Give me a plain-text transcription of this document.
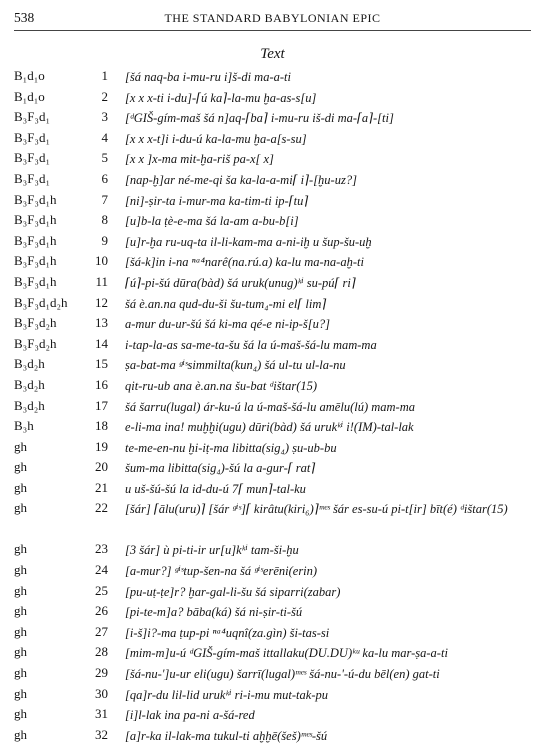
538	THE STANDARD BABYLONIAN EPIC
Text
B₁d₁o	1 [šá naq-ba i-mu-ru i]š-di ma-a-ti
B₁d₁o	2 [x x x-ti i-du]-⌈ú ka⌉-la-mu ḫa-as-s[u]
B₃F₃d₁	3 [ᵈGIŠ-gím-maš šá n]aq-⌈ba⌉ i-mu-ru iš-di ma-⌈a⌉-[ti]
B₃F₃d₁	4 [x x x-t]i i-du-ú ka-la-mu ḫa-a[s-su]
B₃F₃d₁	5 [x x ]x-ma mit-ḫa-riš pa-x[ x]
B₃F₃d₁	6 [nap-ḫ]ar né-me-qi ša ka-la-a-mi⌈ i⌉-[ḫu-uz?]
B₃F₃d₁h	7 [ni]-ṣir-ta i-mur-ma ka-tim-ti ip-⌈tu⌉
B₃F₃d₁h	8 [u]b-la ṭè-e-ma šá la-am a-bu-b[i]
B₃F₃d₁h	9 [u]r-ḫa ru-uq-ta il-li-kam-ma a-ni-iḫ u šup-šu-uḫ
B₃F₃d₁h	10 [šá-k]in i-na ⁿᵃ⁴narê(na.rú.a) ka-lu ma-na-aḫ-ti
B₃F₃d₁h	11 ⌈ú⌉-pi-šú dūra(bàd) šá uruk(unug)ᵏⁱ su-pú⌈ ri⌉
B₃F₃d₁d₂h	12 šá è.an.na qud-du-ši šu-tum₄-mi el⌈ lim⌉
B₃F₃d₂h	13 a-mur du-ur-šú šá ki-ma qé-e ni-ip-š[u?]
B₃F₃d₂h	14 i-tap-la-as sa-me-ta-šu šá la ú-maš-šá-lu mam-ma
B₃d₂h	15 ṣa-bat-ma ᵍⁱˢsimmilta(kun₄) šá ul-tu ul-la-nu
B₃d₂h	16 qit-ru-ub ana è.an.na šu-bat ᵈištar(15)
B₃d₂h	17 šá šarru(lugal) ár-ku-ú la ú-maš-šá-lu amēlu(lú) mam-ma
B₃h	18 e-li-ma ina! muḫḫi(ugu) dūri(bàd) šá urukᵏⁱ i!(IM)-tal-lak
gh	19 te-me-en-nu ḫi-iṭ-ma libitta(sig₄) ṣu-ub-bu
gh	20 šum-ma libitta(sig₄)-šú la a-gur-⌈ rat⌉
gh	21 u uš-šú-šú la id-du-ú 7⌈ mun⌉-tal-ku
gh	22 [šár] ⌈ālu(uru)⌉ [šár ᵍⁱˢ]⌈ kirâtu(kiri₆)⌉ᵐᵉˢ šár es-su-ú pi-t[ir] bīt(é) ᵈištar(15)
gh	23 [3 šár] ù pi-ti-ir ur[u]kᵏⁱ tam-ši-ḫu
gh	24 [a-mur?] ᵍⁱˢtup-šen-na šá ᵍⁱˢerēni(erin)
gh	25 [pu-uṭ-ṭe]r? ḫar-gal-li-šu šá siparri(zabar)
gh	26 [pi-te-m]a? bāba(ká) šá ni-ṣir-ti-šú
gh	27 [i-š]i?-ma ṭup-pi ⁿᵃ⁴uqnî(za.gìn) ši-tas-si
gh	28 [mim-m]u-ú ᵈGIŠ-gím-maš ittallaku(DU.DU)ᵏᵘ ka-lu mar-ṣa-a-ti
gh	29 [šá-nu-']u-ur eli(ugu) šarrī(lugal)ᵐᵉˢ šá-nu-'-ú-du bēl(en) gat-ti
gh	30 [qa]r-du lil-lid urukᵏⁱ ri-i-mu mut-tak-pu
gh	31 [i]l-lak ina pa-ni a-šá-red
gh	32 [a]r-ka il-lak-ma tukul-ti aḫḫē(šeš)ᵐᵉˢ-šú
